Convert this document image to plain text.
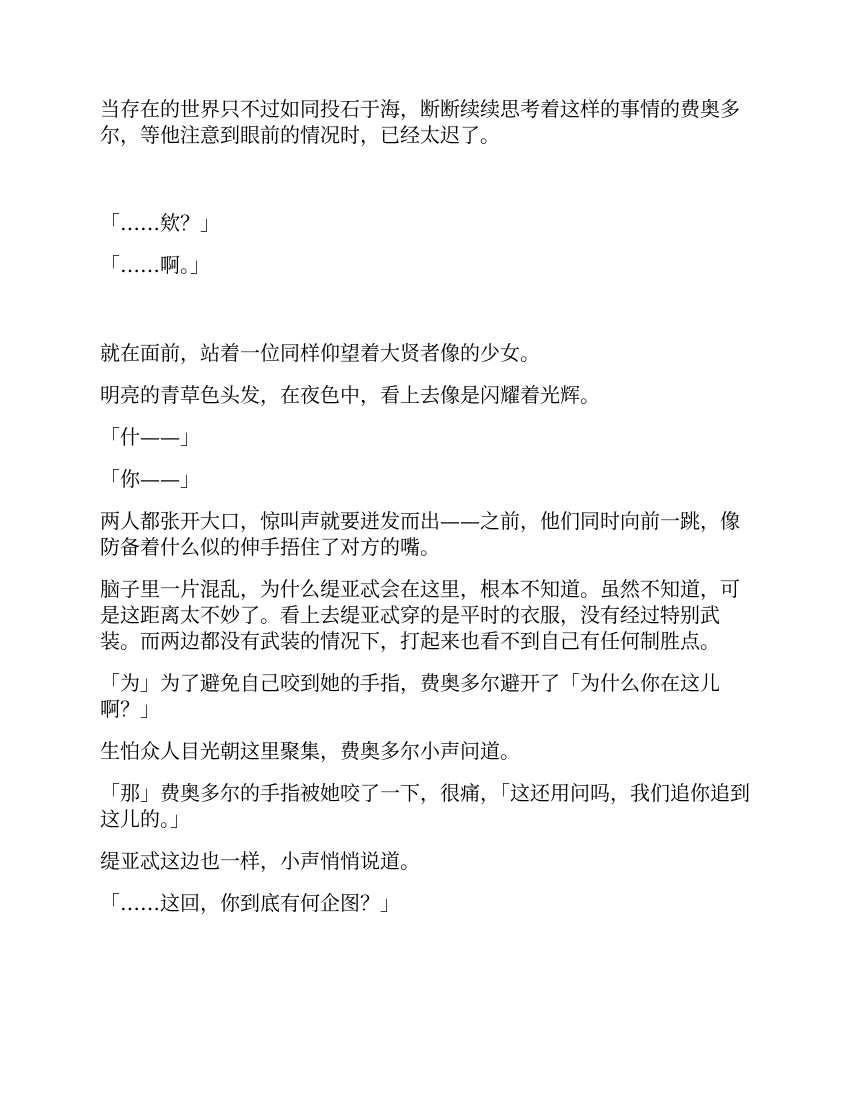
当存在的世界只不过如同投石于海，断断续续思考着这样的事情的费奥多尔，等他注意到眼前的情况时，已经太迟了。

「……欸？」

「……啊。」

就在面前，站着一位同样仰望着大贤者像的少女。

明亮的青草色头发，在夜色中，看上去像是闪耀着光辉。

「什——」

「你——」

两人都张开大口，惊叫声就要迸发而出——之前，他们同时向前一跳，像防备着什么似的伸手捂住了对方的嘴。

脑子里一片混乱，为什么缇亚忒会在这里，根本不知道。虽然不知道，可是这距离太不妙了。看上去缇亚忒穿的是平时的衣服，没有经过特别武装。而两边都没有武装的情况下，打起来也看不到自己有任何制胜点。

「为」为了避免自己咬到她的手指，费奥多尔避开了「为什么你在这儿啊？」

生怕众人目光朝这里聚集，费奥多尔小声问道。

「那」费奥多尔的手指被她咬了一下，很痛，「这还用问吗，我们追你追到这儿的。」

缇亚忒这边也一样，小声悄悄说道。

「……这回，你到底有何企图？」
